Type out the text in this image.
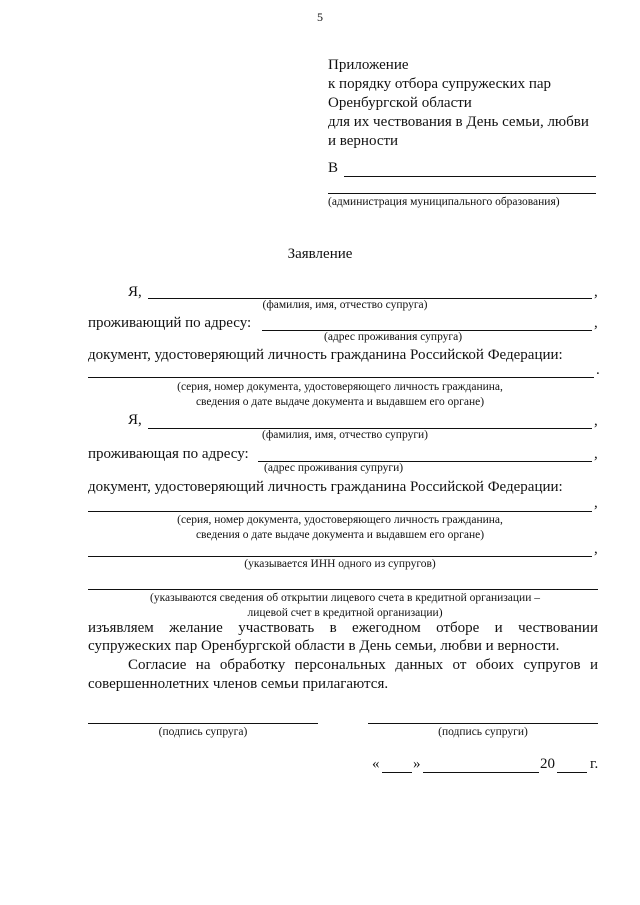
5
Приложение
к порядку отбора супружеских пар
Оренбургской области
для их чествования в День семьи, любви
и верности
В
(администрация муниципального образования)
Заявление
Я,	,
(фамилия, имя, отчество супруга)
проживающий по адресу:	,
(адрес проживания супруга)
документ, удостоверяющий личность гражданина Российской Федерации:
.
(серия, номер документа, удостоверяющего личность гражданина,
сведения о дате выдаче документа и выдавшем его органе)
Я,	,
(фамилия, имя, отчество супруги)
проживающая по адресу:	,
(адрес проживания супруги)
документ, удостоверяющий личность гражданина Российской Федерации:
,
(серия, номер документа, удостоверяющего личность гражданина,
сведения о дате выдаче документа и выдавшем его органе)
,
(указывается ИНН одного из супругов)
(указываются сведения об открытии лицевого счета в кредитной организации –
лицевой счет в кредитной организации)
изъявляем желание участвовать в ежегодном отборе и чествовании
супружеских пар Оренбургской области в День семьи, любви и верности.
Согласие на обработку персональных данных от обоих супругов и
совершеннолетних членов семьи прилагаются.
(подпись супруга)	(подпись супруги)
« »	20 г.
